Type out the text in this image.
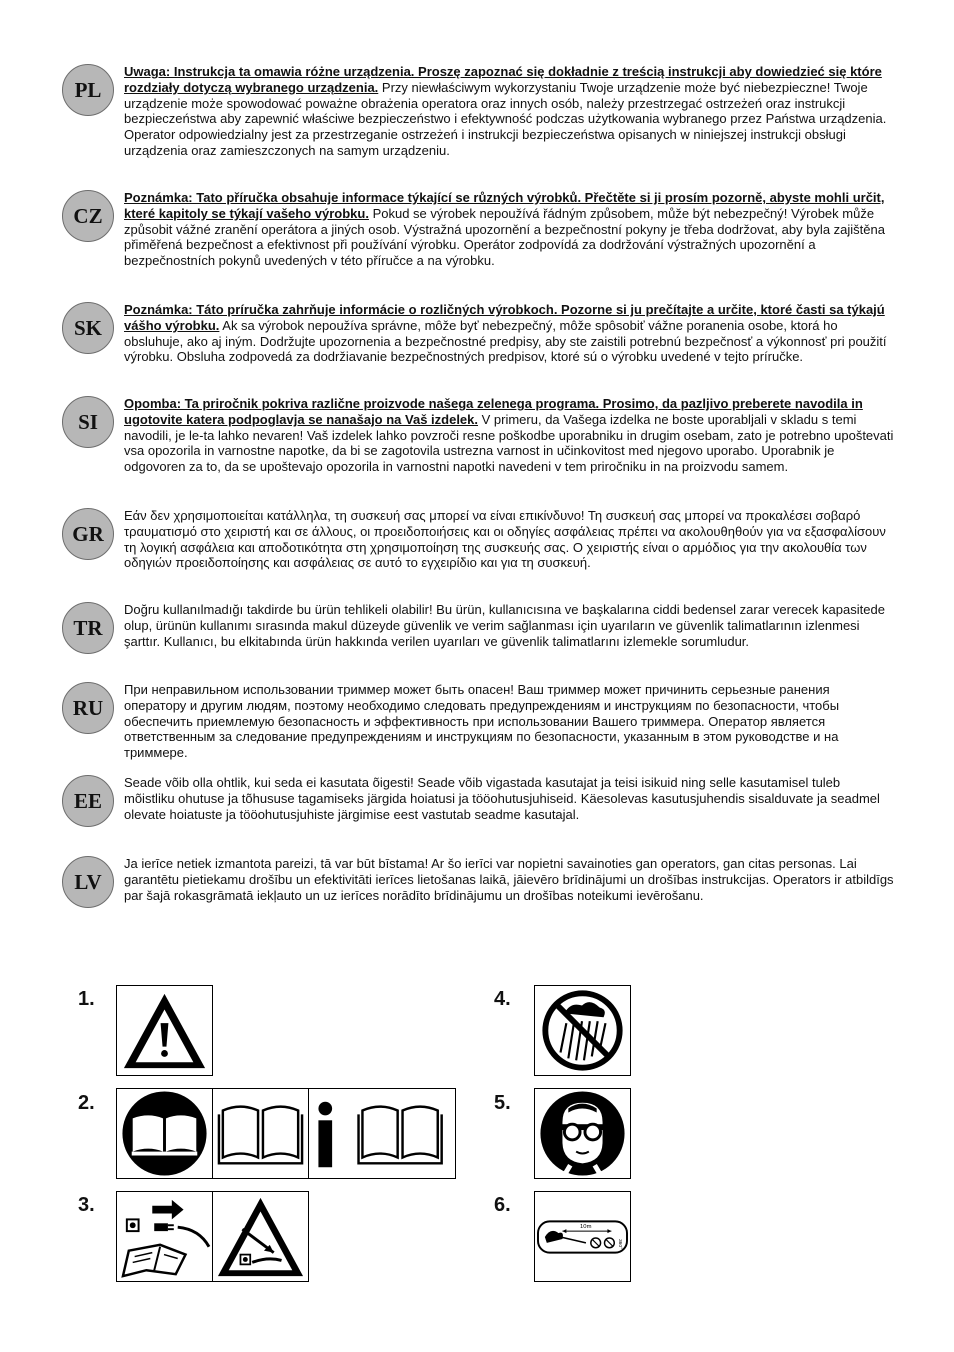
PL

Uwaga: Instrukcja ta omawia różne urządzenia. Proszę zapoznać się dokładnie z treścią instrukcji aby dowiedzieć się które rozdziały dotyczą wybranego urządzenia. Przy niewłaściwym wykorzystaniu Twoje urządzenie może być niebezpieczne! Twoje urządzenie może spowodować poważne obrażenia operatora oraz innych osób, należy przestrzegać ostrzeżeń oraz instrukcji bezpieczeństwa aby zapewnić właściwe bezpieczeństwo i efektywność podczas użytkowania wybranego przez Państwa urządzenia. Operator odpowiedzialny jest za przestrzeganie ostrzeżeń i instrukcji bezpieczeństwa opisanych w niniejszej instrukcji obsługi urządzenia oraz zamieszczonych na samym urządzeniu.

CZ

Poznámka: Tato příručka obsahuje informace týkající se různých výrobků. Přečtěte si ji prosím pozorně, abyste mohli určit, které kapitoly se týkají vašeho výrobku. Pokud se výrobek nepoužívá řádným způsobem, může být nebezpečný! Výrobek může způsobit vážné zranění operátora a jiných osob. Výstražná upozornění a bezpečnostní pokyny je třeba dodržovat, aby byla zajištěna přiměřená bezpečnost a efektivnost při používání výrobku. Operátor zodpovídá za dodržování výstražných upozornění a bezpečnostních pokynů uvedených v této příručce a na výrobku.

SK

Poznámka: Táto príručka zahrňuje informácie o rozličných výrobkoch. Pozorne si ju prečítajte a určite, ktoré časti sa týkajú vášho výrobku. Ak sa výrobok nepoužíva správne, môže byť nebezpečný, môže spôsobiť vážne poranenia osobe, ktorá ho obsluhuje, ako aj iným. Dodržujte upozornenia a bezpečnostné predpisy, aby ste zaistili potrebnú bezpečnosť a výkonnosť pri použití výrobku. Obsluha zodpovedá za dodržiavanie bezpečnostných predpisov, ktoré sú o výrobku uvedené v tejto príručke.

SI

Opomba: Ta priročnik pokriva različne proizvode našega zelenega programa. Prosimo, da pazljivo preberete navodila in ugotovite katera podpoglavja se nanašajo na Vaš izdelek. V primeru, da Vašega izdelka ne boste uporabljali v skladu s temi navodili, je le-ta lahko nevaren! Vaš izdelek lahko povzroči resne poškodbe uporabniku in drugim osebam, zato je potrebno upoštevati vsa opozorila in varnostne napotke, da bi se zagotovila ustrezna varnost in učinkovitost med njegovo uporabo. Uporabnik je odgovoren za to, da se upoštevajo opozorila in varnostni napotki navedeni v tem priročniku in na proizvodu samem.

GR

Εάν δεν χρησιμοποιείται κατάλληλα, τη συσκευή σας μπορεί να είναι επικίνδυνο! Τη συσκευή σας μπορεί να προκαλέσει σοβαρό τραυματισμό στο χειριστή και σε άλλους, οι προειδοποιήσεις και οι οδηγίες ασφάλειας πρέπει να ακολουθηθούν για να εξασφαλίσουν τη λογική ασφάλεια και αποδοτικότητα στη χρησιμοποίηση της συσκευής σας. Ο χειριστής είναι ο αρμόδιος για την ακολουθία των οδηγιών προειδοποίησης και ασφάλειας σε αυτό το εγχειρίδιο και για τη συσκευή.

TR

Doğru kullanılmadığı takdirde bu ürün tehlikeli olabilir! Bu ürün, kullanıcısına ve başkalarına ciddi bedensel zarar verecek kapasitede olup, ürünün kullanımı sırasında makul düzeyde güvenlik ve verim sağlanması için uyarıların ve güvenlik talimatlarının izlenmesi şarttır. Kullanıcı, bu elkitabında ürün hakkında verilen uyarıları ve güvenlik talimatlarını izlemekle sorumludur.

RU

При неправильном использовании триммер может быть опасен! Ваш триммер может причинить серьезные ранения оператору и другим людям, поэтому необходимо следовать предупреждениям и инструкциям по безопасности, чтобы обеспечить приемлемую безопасность и эффективность при использовании Вашего триммера. Оператор является ответственным за следование предупреждениям и инструкциям по безопасности, указанным в этом руководстве и на триммере.

EE

Seade võib olla ohtlik, kui seda ei kasutata õigesti! Seade võib vigastada kasutajat ja teisi isikuid ning selle kasutamisel tuleb mõistliku ohutuse ja tõhususe tagamiseks järgida hoiatusi ja tööohutusjuhiseid. Käesolevas kasutusjuhendis sisalduvate ja seadmel olevate hoiatuste ja tööohutusjuhiste järgimise eest vastutab seadme kasutajal.

LV

Ja ierīce netiek izmantota pareizi, tā var būt bīstama! Ar šo ierīci var nopietni savainoties gan operators, gan citas personas. Lai garantētu pietiekamu drošību un efektivitāti ierīces lietošanas laikā, jāievēro brīdinājumi un drošības instrukcijas. Operators ir atbildīgs par šajā rokasgrāmatā iekļauto un uz ierīces norādīto brīdinājumu un drošības noteikumi ievērošanu.

1.
2.
3.
4.
5.
6.
10m
360°
